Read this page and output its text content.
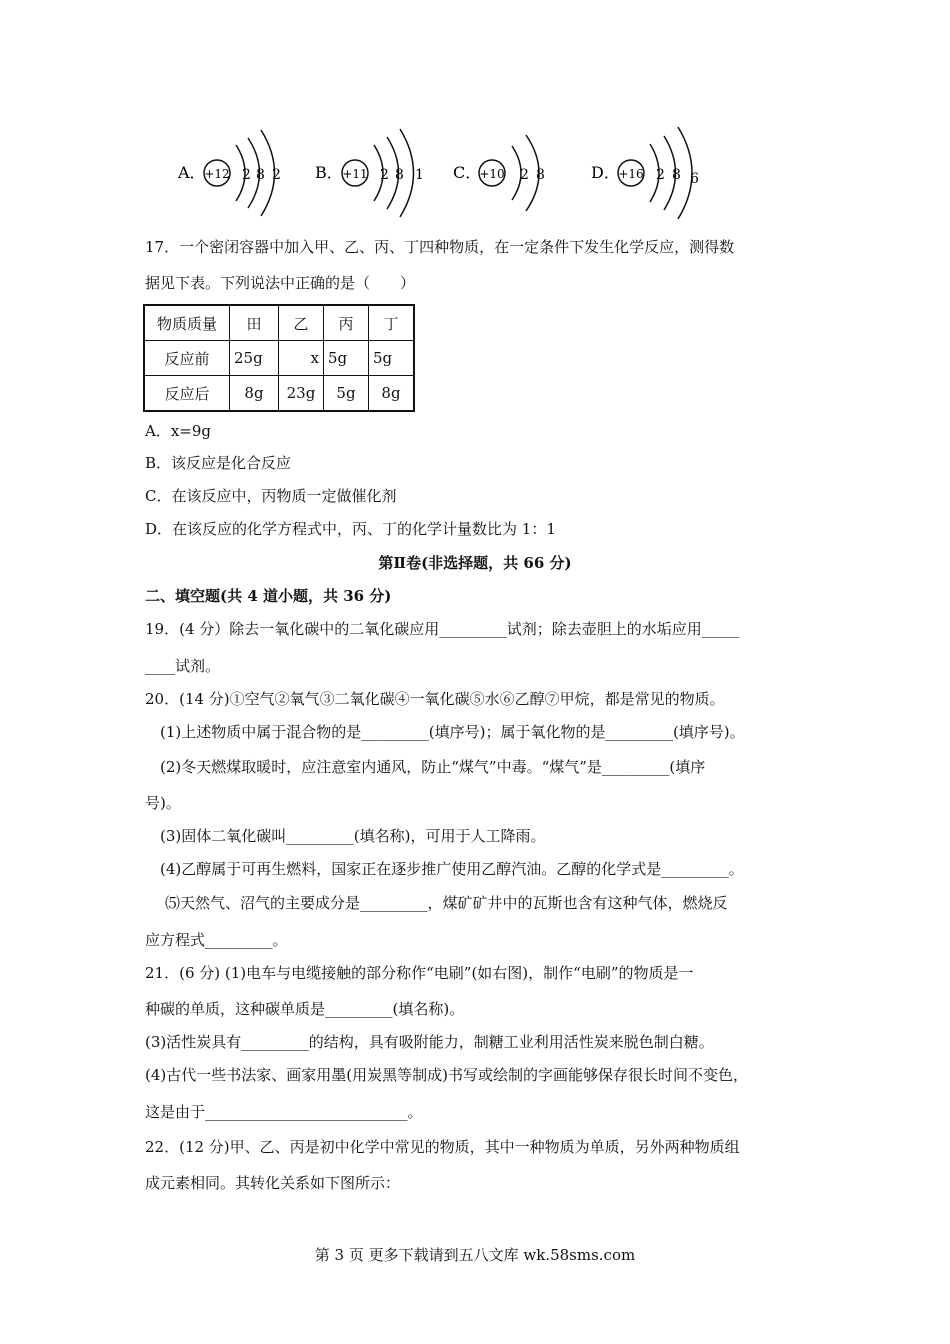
A．
+12 2 8 2 B． +11 2 8 1 C．
+10 2 8	D．
+16 2 8 6
17．一个密闭容器中加入甲、乙、丙、丁四种物质，在一定条件下发生化学反应，测得数
据见下表。下列说法中正确的是（　　）
物质质量	田	乙	丙	丁
反应前	25g	x	5g	5g
反应后	8g	23g	5g	8g
A．x=9g
B．该反应是化合反应
C．在该反应中，丙物质一定做催化剂
D．在该反应的化学方程式中，丙、丁的化学计量数比为 1：1
第Ⅱ卷(非选择题，共 66 分)
二、填空题(共 4 道小题，共 36 分)
19．(4 分）除去一氧化碳中的二氧化碳应用_________试剂；除去壶胆上的水垢应用_____
____试剂。
20．(14 分)①空气②氧气③二氧化碳④一氧化碳⑤水⑥乙醇⑦甲烷，都是常见的物质。
(1)上述物质中属于混合物的是_________(填序号)；属于氧化物的是_________(填序号)。
(2)冬天燃煤取暖时，应注意室内通风，防止“煤气”中毒。“煤气”是_________(填序
号)。
(3)固体二氧化碳叫_________(填名称)，可用于人工降雨。
(4)乙醇属于可再生燃料，国家正在逐步推广使用乙醇汽油。乙醇的化学式是_________。
⑸天然气、沼气的主要成分是_________，煤矿矿井中的瓦斯也含有这种气体，燃烧反
应方程式_________。
21．(6 分) (1)电车与电缆接触的部分称作“电刷”(如右图)，制作“电刷”的物质是一
种碳的单质，这种碳单质是_________(填名称)。
(3)活性炭具有_________的结构，具有吸附能力，制糖工业利用活性炭来脱色制白糖。
(4)古代一些书法家、画家用墨(用炭黑等制成)书写或绘制的字画能够保存很长时间不变色，
这是由于___________________________。
22．(12 分)甲、乙、丙是初中化学中常见的物质，其中一种物质为单质，另外两种物质组
成元素相同。其转化关系如下图所示：
第 3 页 更多下载请到五八文库 wk.58sms.com
